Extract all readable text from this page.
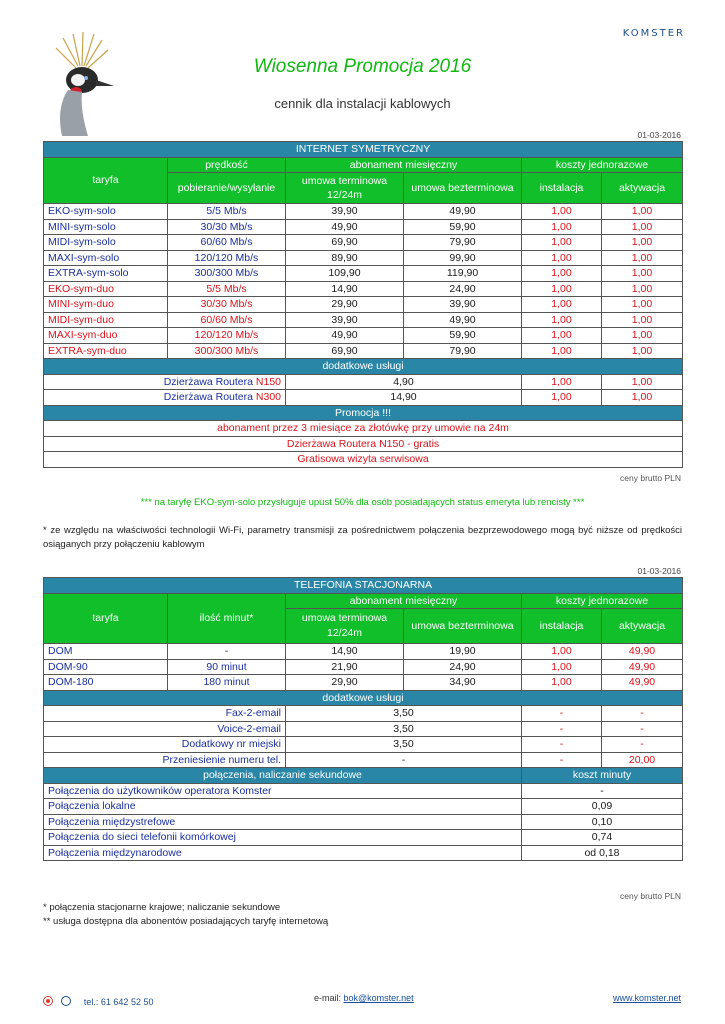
KOMSTER
Wiosenna Promocja 2016
cennik dla instalacji kablowych
01-03-2016
INTERNET SYMETRYCZNY					
taryfa	prędkość	abonament miesięczny		koszty jednorazowe	
	pobieranie/wysyłanie	umowa terminowa 12/24m	umowa bezterminowa	instalacja	aktywacja
EKO-sym-solo	5/5 Mb/s	39,90	49,90	1,00	1,00
MINI-sym-solo	30/30 Mb/s	49,90	59,90	1,00	1,00
MIDI-sym-solo	60/60 Mb/s	69,90	79,90	1,00	1,00
MAXI-sym-solo	120/120 Mb/s	89,90	99,90	1,00	1,00
EXTRA-sym-solo	300/300 Mb/s	109,90	119,90	1,00	1,00
EKO-sym-duo	5/5 Mb/s	14,90	24,90	1,00	1,00
MINI-sym-duo	30/30 Mb/s	29,90	39,90	1,00	1,00
MIDI-sym-duo	60/60 Mb/s	39,90	49,90	1,00	1,00
MAXI-sym-duo	120/120 Mb/s	49,90	59,90	1,00	1,00
EXTRA-sym-duo	300/300 Mb/s	69,90	79,90	1,00	1,00
dodatkowe usługi					
Dzierżawa Routera N150		4,90		1,00	1,00
Dzierżawa Routera N300		14,90		1,00	1,00
Promocja !!!					
abonament przez 3 miesiące za złotówkę przy umowie na 24m					
Dzierżawa Routera N150 - gratis					
Gratisowa wizyta serwisowa					
ceny brutto PLN
*** na taryfę EKO-sym-solo przysługuje upust 50% dla osób posiadających status emeryta lub rencisty ***
* ze względu na właściwości technologii Wi-Fi, parametry transmisji za pośrednictwem połączenia bezprzewodowego mogą być niższe od prędkości osiąganych przy połączeniu kablowym
01-03-2016
TELEFONIA STACJONARNA					
taryfa	ilość minut*	abonament miesięczny		koszty jednorazowe	
		umowa terminowa 12/24m	umowa bezterminowa	instalacja	aktywacja
DOM	-	14,90	19,90	1,00	49,90
DOM-90	90 minut	21,90	24,90	1,00	49,90
DOM-180	180 minut	29,90	34,90	1,00	49,90
dodatkowe usługi					
Fax-2-email		3,50		-	-
Voice-2-email		3,50		-	-
Dodatkowy nr miejski		3,50		-	-
Przeniesienie numeru tel.		-		-	20,00
połączenia, naliczanie sekundowe				koszt minuty	
Połączenia do użytkowników operatora Komster				-	
Połączenia lokalne				0,09	
Połączenia międzystrefowe				0,10	
Połączenia do sieci telefonii komórkowej				0,74	
Połączenia międzynarodowe				od 0,18	
ceny brutto PLN
* połączenia stacjonarne krajowe; naliczanie sekundowe
** usługa dostępna dla abonentów posiadających taryfę internetową
tel.: 61 642 52 50	e-mail: bok@komster.net	www.komster.net
